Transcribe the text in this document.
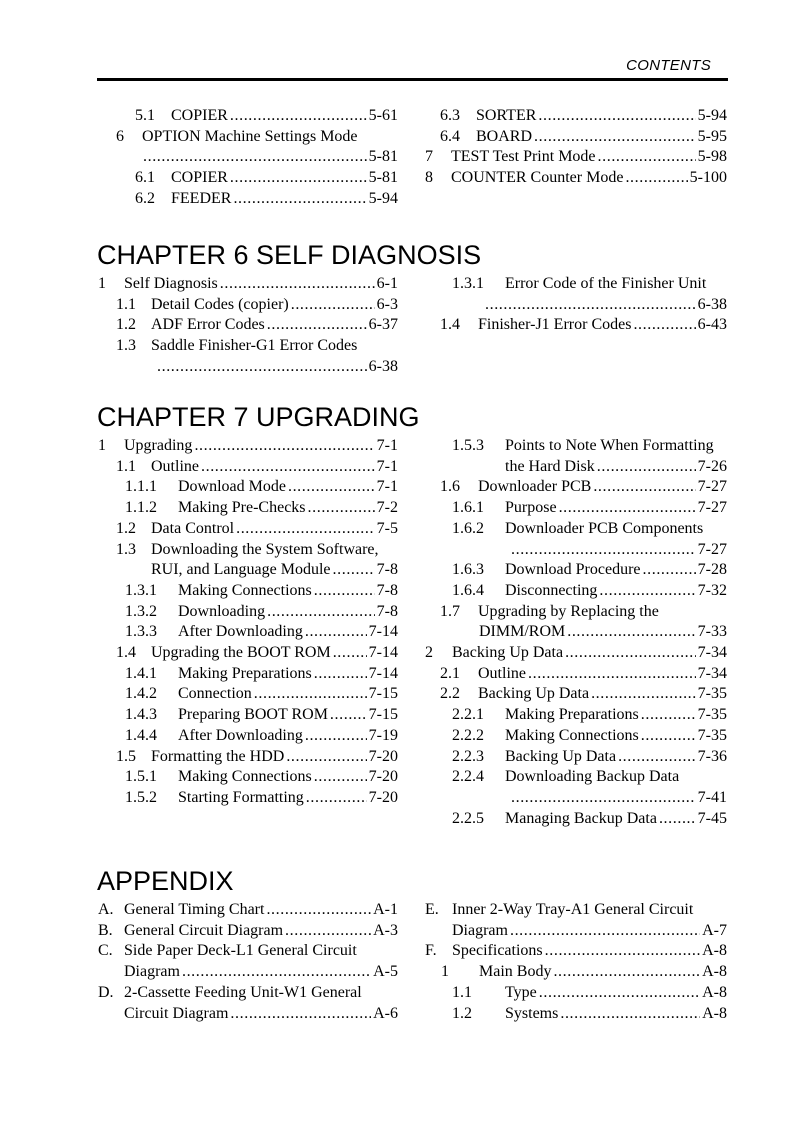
CONTENTS
CHAPTER 6 SELF DIAGNOSIS
CHAPTER 7 UPGRADING
APPENDIX
5.1	COPIER .....	5-61
6	OPTION Machine Settings Mode
.....
5-81
6.1	COPIER .....	5-81
6.2	FEEDER .....	5-94
6.3	SORTER .....	5-94
6.4	BOARD .....	5-95
7	TEST Test Print Mode .....	5-98
8	COUNTER Counter Mode .....	5-100
1	Self Diagnosis .....	6-1
1.1 Detail Codes (copier) .....	6-3
1.2 ADF Error Codes .....	6-37
1.3 Saddle Finisher-G1 Error Codes
.....
6-38
1.3.1	Error Code of the Finisher Unit
.....
6-38
1.4	Finisher-J1 Error Codes .....	6-43
1	Upgrading .....	7-1
1.1 Outline .....	7-1
1.1.1	Download Mode .....	7-1
1.1.2	Making Pre-Checks .....	7-2
1.2 Data Control .....	7-5
1.3 Downloading the System Software,
RUI, and Language Module .....	7-8
1.3.1	Making Connections .....	7-8
1.3.2	Downloading .....	7-8
1.3.3	After Downloading .....	7-14
1.4 Upgrading the BOOT ROM ..... 7-14
1.4.1	Making Preparations .....	7-14
1.4.2	Connection .....	7-15
1.4.3	Preparing BOOT ROM .....	7-15
1.4.4	After Downloading .....	7-19
1.5 Formatting the HDD .....	7-20
1.5.1	Making Connections .....	7-20
1.5.2	Starting Formatting .....	7-20
1.5.3	Points to Note When Formatting
the Hard Disk .....	7-26
1.6	Downloader PCB .....	7-27
1.6.1	Purpose .....	7-27
1.6.2	Downloader PCB Components
.....
7-27
1.6.3	Download Procedure .....	7-28
1.6.4	Disconnecting .....	7-32
1.7	Upgrading by Replacing the
DIMM/ROM .....	7-33
2	Backing Up Data .....	7-34
2.1	Outline .....	7-34
2.2	Backing Up Data .....	7-35
2.2.1	Making Preparations .....	7-35
2.2.2	Making Connections .....	7-35
2.2.3	Backing Up Data .....	7-36
2.2.4	Downloading Backup Data
.....
7-41
2.2.5	Managing Backup Data .....	7-45
A. General Timing Chart .....	A-1
B. General Circuit Diagram .....	A-3
C. Side Paper Deck-L1 General Circuit
Diagram .....	A-5
D. 2-Cassette Feeding Unit-W1 General
Circuit Diagram .....	A-6
E. Inner 2-Way Tray-A1 General Circuit
Diagram .....	A-7
F. Specifications .....	A-8
1	Main Body .....	A-8
1.1	Type .....	A-8
1.2	Systems .....	A-8
